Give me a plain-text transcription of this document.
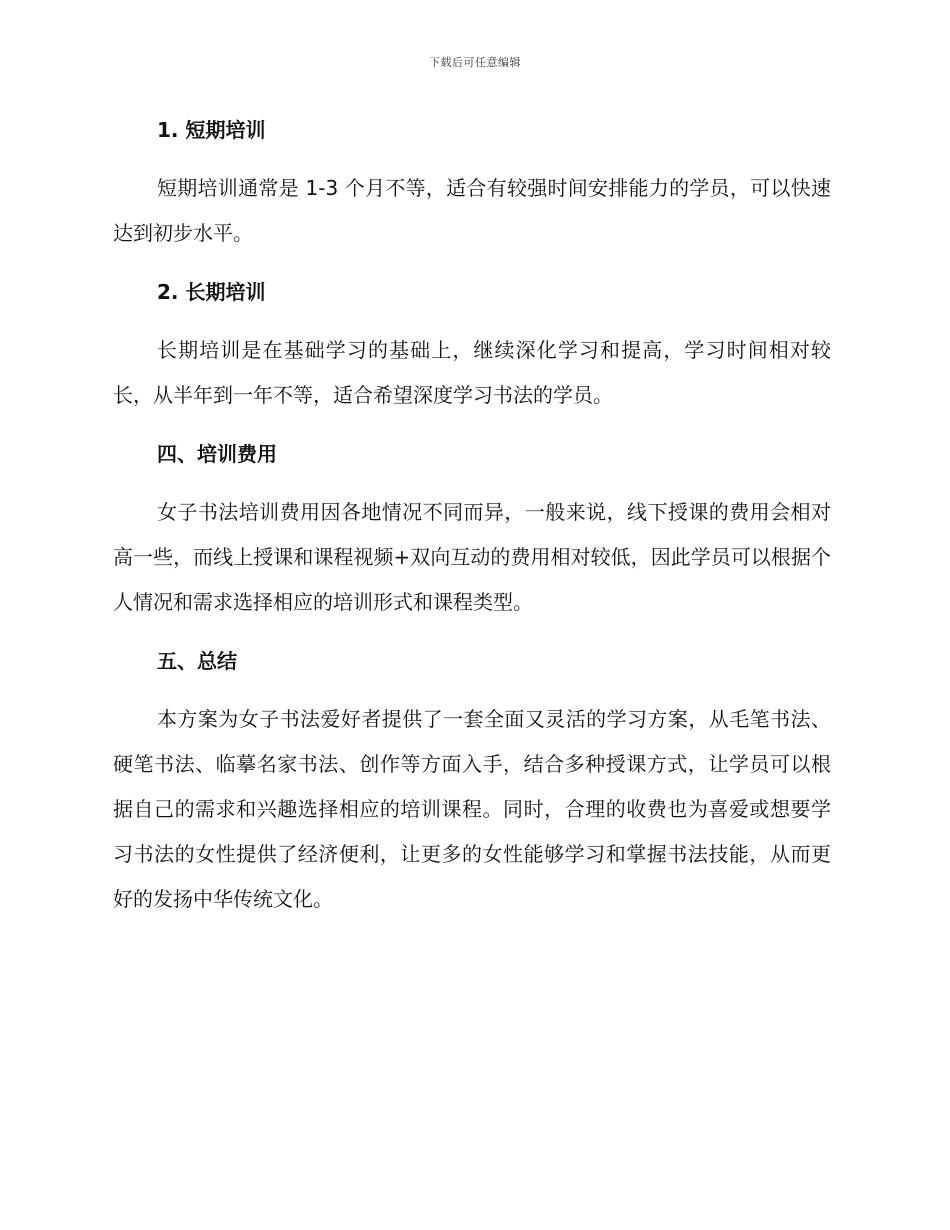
下载后可任意编辑
1. 短期培训

短期培训通常是 1-3 个月不等，适合有较强时间安排能力的学员，可以快速达到初步水平。

2. 长期培训

长期培训是在基础学习的基础上，继续深化学习和提高，学习时间相对较长，从半年到一年不等，适合希望深度学习书法的学员。

四、培训费用

女子书法培训费用因各地情况不同而异，一般来说，线下授课的费用会相对高一些，而线上授课和课程视频+双向互动的费用相对较低，因此学员可以根据个人情况和需求选择相应的培训形式和课程类型。

五、总结

本方案为女子书法爱好者提供了一套全面又灵活的学习方案，从毛笔书法、硬笔书法、临摹名家书法、创作等方面入手，结合多种授课方式，让学员可以根据自己的需求和兴趣选择相应的培训课程。同时，合理的收费也为喜爱或想要学习书法的女性提供了经济便利，让更多的女性能够学习和掌握书法技能，从而更好的发扬中华传统文化。
